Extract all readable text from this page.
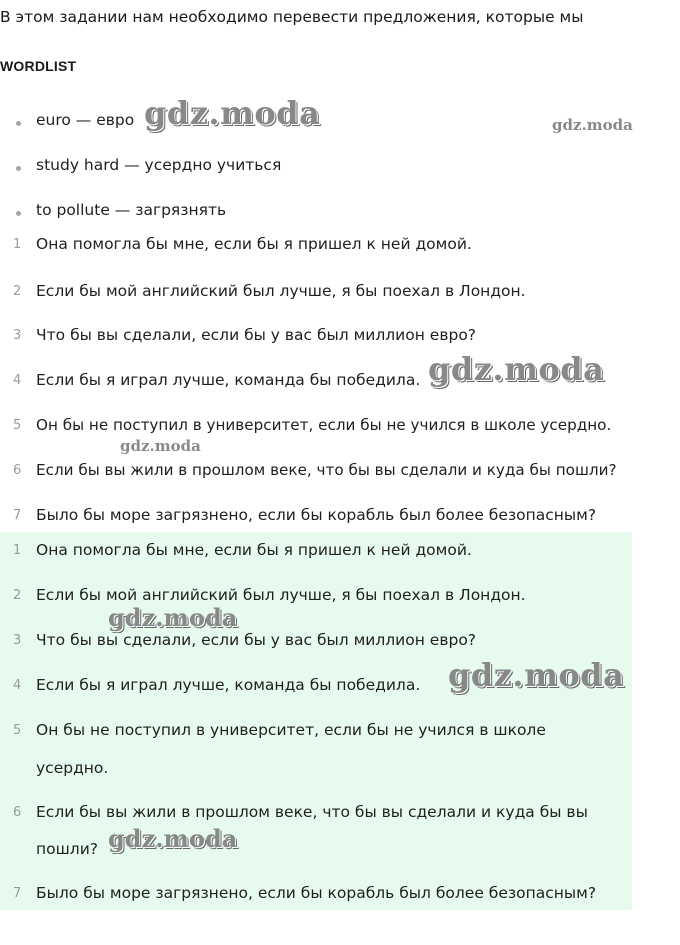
В этом задании нам необходимо перевести предложения, которые мы

WORDLIST

euro — евро
study hard — усердно учиться
to pollute — загрязнять
1 Она помогла бы мне, если бы я пришел к ней домой.
2 Если бы мой английский был лучше, я бы поехал в Лондон.
3 Что бы вы сделали, если бы у вас был миллион евро?
4 Если бы я играл лучше, команда бы победила.
5 Он бы не поступил в университет, если бы не учился в школе усердно.
6 Если бы вы жили в прошлом веке, что бы вы сделали и куда бы пошли?
7 Было бы море загрязнено, если бы корабль был более безопасным?
1 Она помогла бы мне, если бы я пришел к ней домой.
2 Если бы мой английский был лучше, я бы поехал в Лондон.
3 Что бы вы сделали, если бы у вас был миллион евро?
4 Если бы я играл лучше, команда бы победила.
5 Он бы не поступил в университет, если бы не учился в школе
усердно.
6 Если бы вы жили в прошлом веке, что бы вы сделали и куда бы вы
пошли?
7 Было бы море загрязнено, если бы корабль был более безопасным?
gdz.moda	gdz.moda
gdz.moda
gdz.moda
gdz.moda
gdz.moda
gdz.moda
